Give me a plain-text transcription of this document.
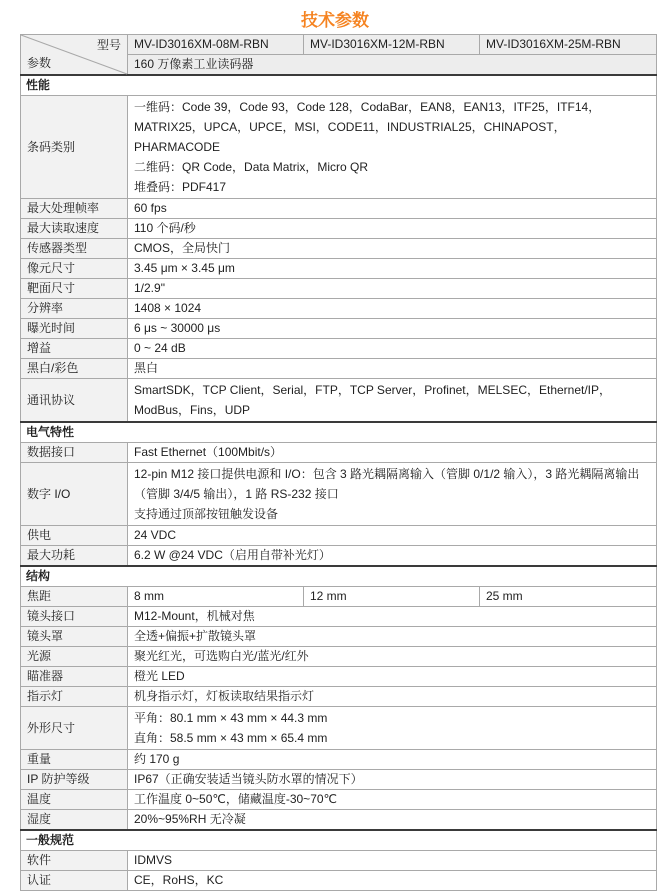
技术参数
型号
参数	MV-ID3016XM-08M-RBN	MV-ID3016XM-12M-RBN	MV-ID3016XM-25M-RBN
	160 万像素工业读码器		
性能			
条码类别	一维码：Code 39，Code 93，Code 128，CodaBar，EAN8，EAN13，ITF25，ITF14，MATRIX25，UPCA，UPCE，MSI，CODE11，INDUSTRIAL25，CHINAPOST，PHARMACODE
二维码：QR Code，Data Matrix，Micro QR
堆叠码：PDF417		

最大处理帧率	60 fps		
最大读取速度	110 个码/秒		
传感器类型	CMOS，全局快门		
像元尺寸	3.45 μm × 3.45 μm		
靶面尺寸	1/2.9"		
分辨率	1408 × 1024		
曝光时间	6 μs ~ 30000 μs		
增益	0 ~ 24 dB		
黑白/彩色	黑白		
通讯协议	SmartSDK，TCP Client，Serial，FTP，TCP Server，Profinet，MELSEC，Ethernet/IP，ModBus，Fins，UDP		

电气特性			
数据接口	Fast Ethernet（100Mbit/s）		
数字 I/O	12-pin M12 接口提供电源和 I/O：包含 3 路光耦隔离输入（管脚 0/1/2 输入），3 路光耦隔离输出（管脚 3/4/5 输出），1 路 RS-232 接口
支持通过顶部按钮触发设备		

供电	24 VDC		
最大功耗	6.2 W @24 VDC（启用自带补光灯）		
结构			
焦距	8 mm	12 mm	25 mm
镜头接口	M12-Mount，机械对焦		
镜头罩	全透+偏振+扩散镜头罩		
光源	聚光红光，可选购白光/蓝光/红外		
瞄准器	橙光 LED		
指示灯	机身指示灯，灯板读取结果指示灯		
外形尺寸	平角：80.1 mm × 43 mm × 44.3 mm
直角：58.5 mm × 43 mm × 65.4 mm		

重量	约 170 g		
IP 防护等级	IP67（正确安装适当镜头防水罩的情况下）		
温度	工作温度 0~50℃，储藏温度-30~70℃		
湿度	20%~95%RH 无冷凝		
一般规范			
软件	IDMVS		
认证	CE，RoHS，KC		
